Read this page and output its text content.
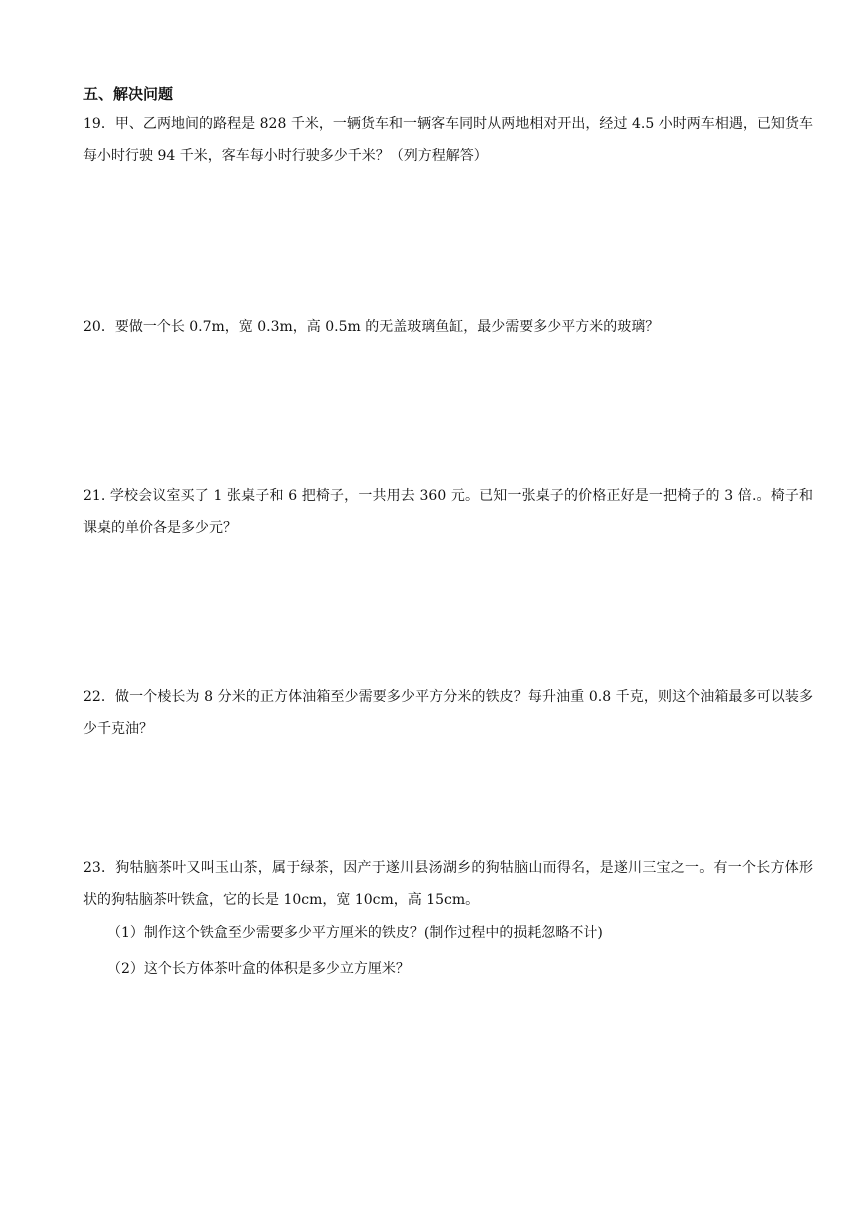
五、解决问题
19．甲、乙两地间的路程是 828 千米，一辆货车和一辆客车同时从两地相对开出，经过 4.5 小时两车相遇，已知货车每小时行驶 94 千米，客车每小时行驶多少千米？（列方程解答）
20．要做一个长 0.7m，宽 0.3m，高 0.5m 的无盖玻璃鱼缸，最少需要多少平方米的玻璃？
21. 学校会议室买了 1 张桌子和 6 把椅子，一共用去 360 元。已知一张桌子的价格正好是一把椅子的 3 倍.。椅子和课桌的单价各是多少元？
22．做一个棱长为 8 分米的正方体油箱至少需要多少平方分米的铁皮？每升油重 0.8 千克，则这个油箱最多可以装多少千克油？
23．狗牯脑茶叶又叫玉山茶，属于绿茶，因产于遂川县汤湖乡的狗牯脑山而得名，是遂川三宝之一。有一个长方体形状的狗牯脑茶叶铁盒，它的长是 10cm，宽 10cm，高 15cm。
（1）制作这个铁盒至少需要多少平方厘米的铁皮？(制作过程中的损耗忽略不计)
（2）这个长方体茶叶盒的体积是多少立方厘米？
